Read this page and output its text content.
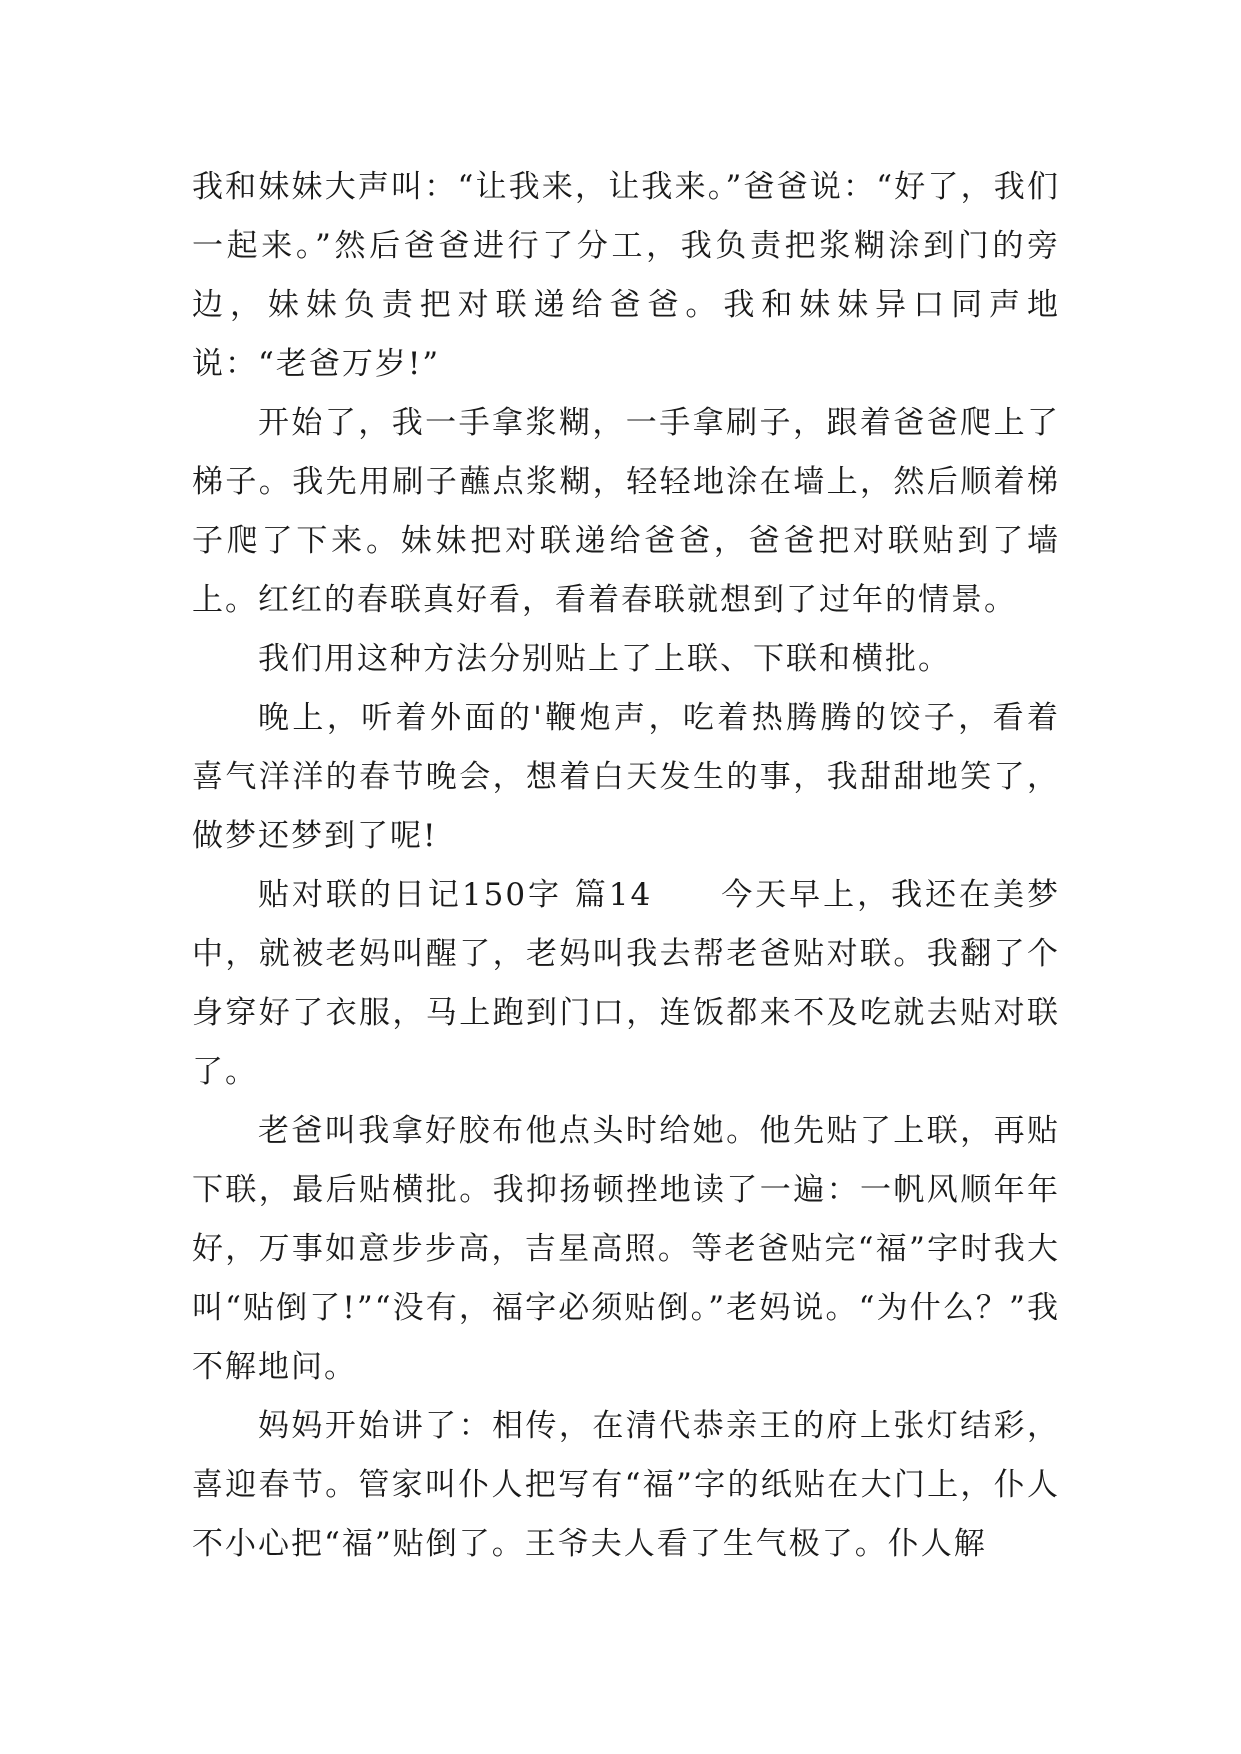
我和妹妹大声叫：“让我来，让我来。”爸爸说：“好了，我们一起来。”然后爸爸进行了分工，我负责把浆糊涂到门的旁边，妹妹负责把对联递给爸爸。我和妹妹异口同声地说：“老爸万岁!”

开始了，我一手拿浆糊，一手拿刷子，跟着爸爸爬上了梯子。我先用刷子蘸点浆糊，轻轻地涂在墙上，然后顺着梯子爬了下来。妹妹把对联递给爸爸，爸爸把对联贴到了墙上。红红的春联真好看，看着春联就想到了过年的情景。

我们用这种方法分别贴上了上联、下联和横批。

晚上，听着外面的'鞭炮声，吃着热腾腾的饺子，看着喜气洋洋的春节晚会，想着白天发生的事，我甜甜地笑了，做梦还梦到了呢!

贴对联的日记150字 篇14　　今天早上，我还在美梦中，就被老妈叫醒了，老妈叫我去帮老爸贴对联。我翻了个身穿好了衣服，马上跑到门口，连饭都来不及吃就去贴对联了。

老爸叫我拿好胶布他点头时给她。他先贴了上联，再贴下联，最后贴横批。我抑扬顿挫地读了一遍：一帆风顺年年好，万事如意步步高，吉星高照。等老爸贴完“福”字时我大叫“贴倒了!”“没有，福字必须贴倒。”老妈说。“为什么？”我不解地问。

妈妈开始讲了：相传，在清代恭亲王的府上张灯结彩，喜迎春节。管家叫仆人把写有“福”字的纸贴在大门上，仆人不小心把“福”贴倒了。王爷夫人看了生气极了。仆人解
